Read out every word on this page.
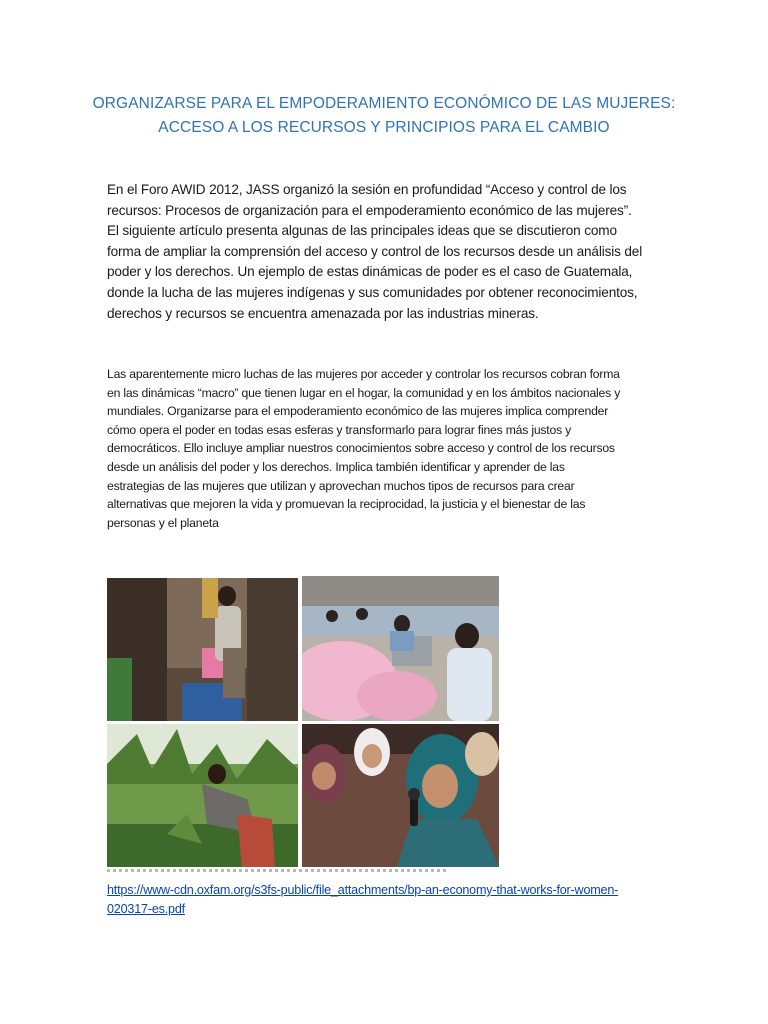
ORGANIZARSE PARA EL EMPODERAMIENTO ECONÓMICO DE LAS MUJERES:
ACCESO A LOS RECURSOS Y PRINCIPIOS PARA EL CAMBIO
En el Foro AWID 2012, JASS organizó la sesión en profundidad “Acceso y control de los
recursos: Procesos de organización para el empoderamiento económico de las mujeres”.
El siguiente artículo presenta algunas de las principales ideas que se discutieron como
forma de ampliar la comprensión del acceso y control de los recursos desde un análisis del
poder y los derechos. Un ejemplo de estas dinámicas de poder es el caso de Guatemala,
donde la lucha de las mujeres indígenas y sus comunidades por obtener reconocimientos,
derechos y recursos se encuentra amenazada por las industrias mineras.
Las aparentemente micro luchas de las mujeres por acceder y controlar los recursos cobran forma
en las dinámicas “macro” que tienen lugar en el hogar, la comunidad y en los ámbitos nacionales y
mundiales. Organizarse para el empoderamiento económico de las mujeres implica comprender
cómo opera el poder en todas esas esferas y transformarlo para lograr fines más justos y
democráticos. Ello incluye ampliar nuestros conocimientos sobre acceso y control de los recursos
desde un análisis del poder y los derechos. Implica también identificar y aprender de las
estrategias de las mujeres que utilizan y aprovechan muchos tipos de recursos para crear
alternativas que mejoren la vida y promuevan la reciprocidad, la justicia y el bienestar de las
personas y el planeta
https://www-cdn.oxfam.org/s3fs-public/file_attachments/bp-an-economy-that-works-for-women-
020317-es.pdf
